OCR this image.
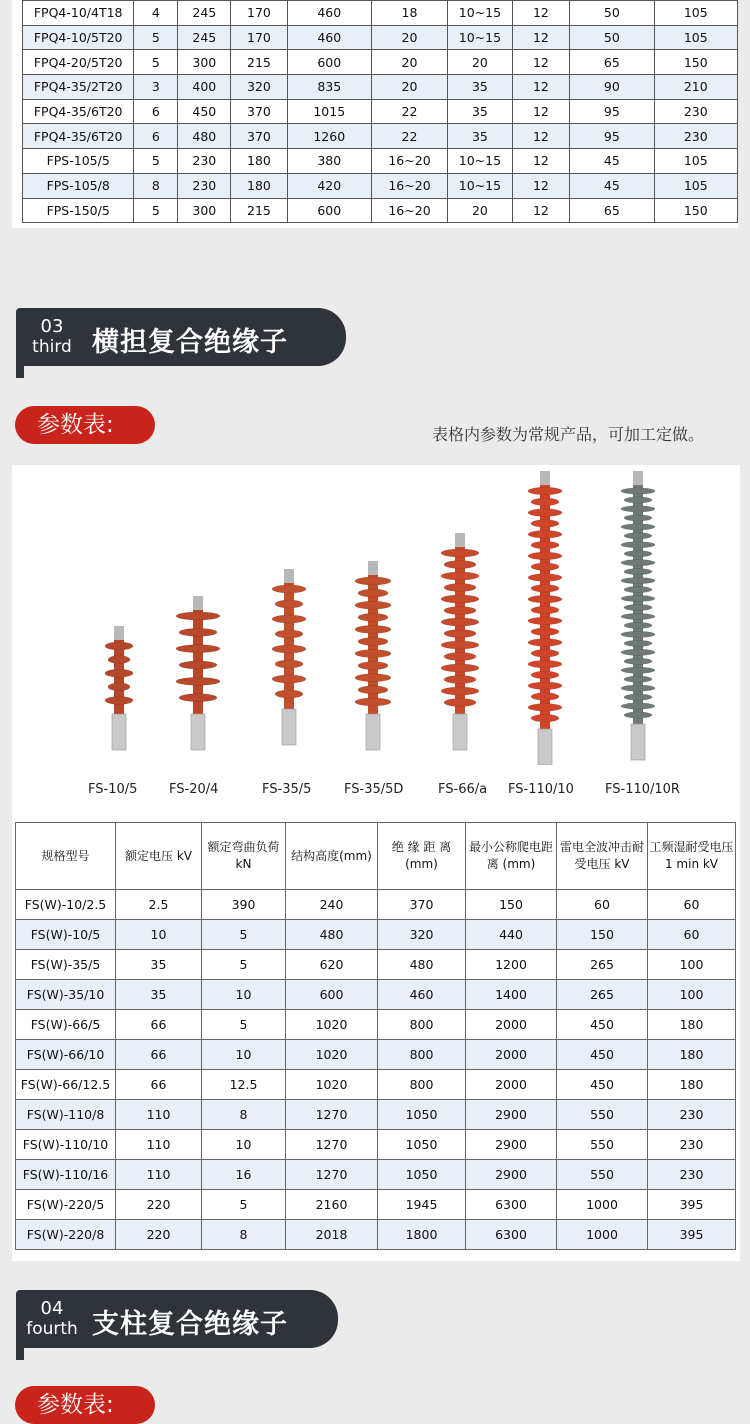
FPQ4-10/4T18	4	245	170	460	18	10~15	12	50	105
FPQ4-10/5T20	5	245	170	460	20	10~15	12	50	105
FPQ4-20/5T20	5	300	215	600	20	20	12	65	150
FPQ4-35/2T20	3	400	320	835	20	35	12	90	210
FPQ4-35/6T20	6	450	370	1015	22	35	12	95	230
FPQ4-35/6T20	6	480	370	1260	22	35	12	95	230
FPS-105/5	5	230	180	380	16~20	10~15	12	45	105
FPS-105/8	8	230	180	420	16~20	10~15	12	45	105
FPS-150/5	5	300	215	600	16~20	20	12	65	150
03
third 横担复合绝缘子
参数表:	表格内参数为常规产品，可加工定做。
FS-10/5 FS-20/4	FS-35/5	FS-35/5D	FS-66/a FS-110/10 FS-110/10R
规格型号	额定电压 kV	额定弯曲负荷 kN	结构高度(mm)	绝 缘 距 离 (mm)	最小公称爬电距离 (mm)	雷电全波冲击耐受电压 kV	工频湿耐受电压 1 min kV
FS(W)-10/2.5	2.5	390	240	370	150	60	60
FS(W)-10/5	10	5	480	320	440	150	60
FS(W)-35/5	35	5	620	480	1200	265	100
FS(W)-35/10	35	10	600	460	1400	265	100
FS(W)-66/5	66	5	1020	800	2000	450	180
FS(W)-66/10	66	10	1020	800	2000	450	180
FS(W)-66/12.5	66	12.5	1020	800	2000	450	180
FS(W)-110/8	110	8	1270	1050	2900	550	230
FS(W)-110/10	110	10	1270	1050	2900	550	230
FS(W)-110/16	110	16	1270	1050	2900	550	230
FS(W)-220/5	220	5	2160	1945	6300	1000	395
FS(W)-220/8	220	8	2018	1800	6300	1000	395
04
fourth 支柱复合绝缘子
参数表:
